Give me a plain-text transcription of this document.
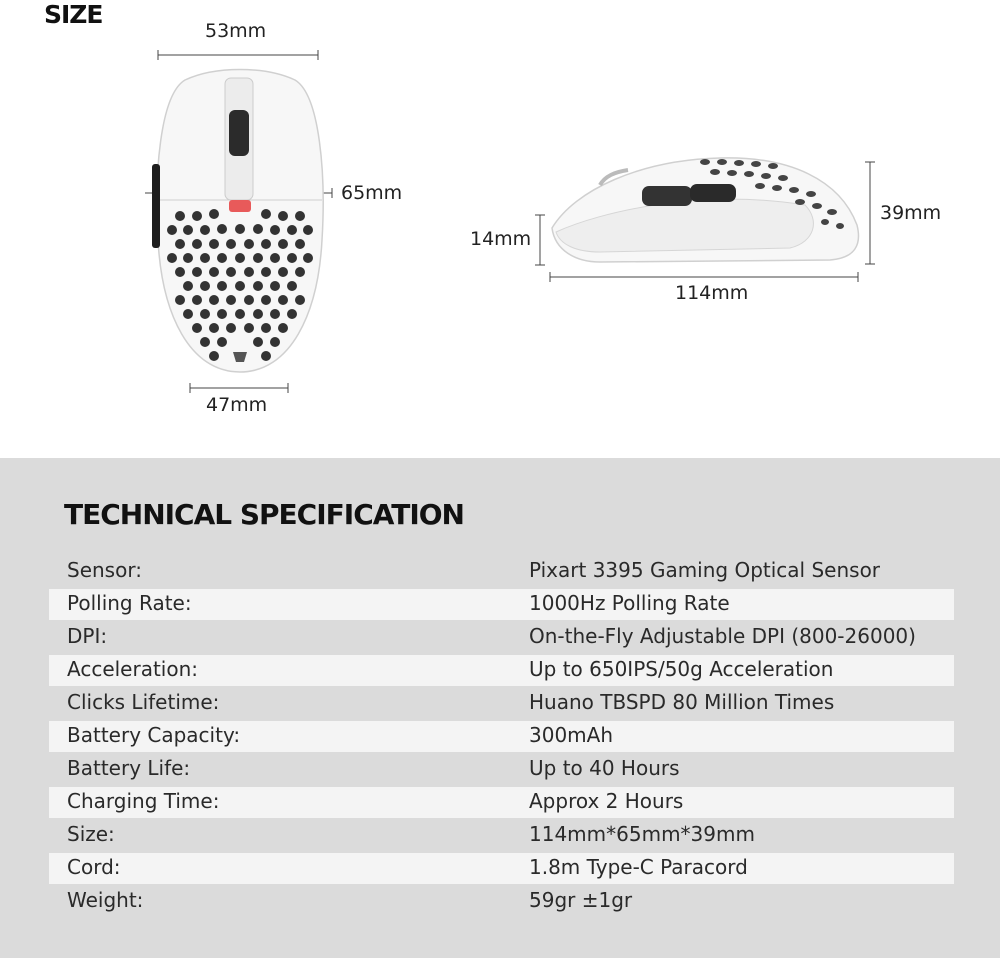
SIZE
53mm
65mm
47mm
14mm
39mm
114mm
TECHNICAL SPECIFICATION
Sensor:	Pixart 3395 Gaming Optical Sensor
Polling Rate:	1000Hz Polling Rate
DPI:	On-the-Fly Adjustable DPI (800-26000)
Acceleration:	Up to 650IPS/50g Acceleration
Clicks Lifetime:	Huano TBSPD 80 Million Times
Battery Capacity:	300mAh
Battery Life:	Up to 40 Hours
Charging Time:	Approx 2 Hours
Size:	114mm*65mm*39mm
Cord:	1.8m Type-C Paracord
Weight:	59gr ±1gr
